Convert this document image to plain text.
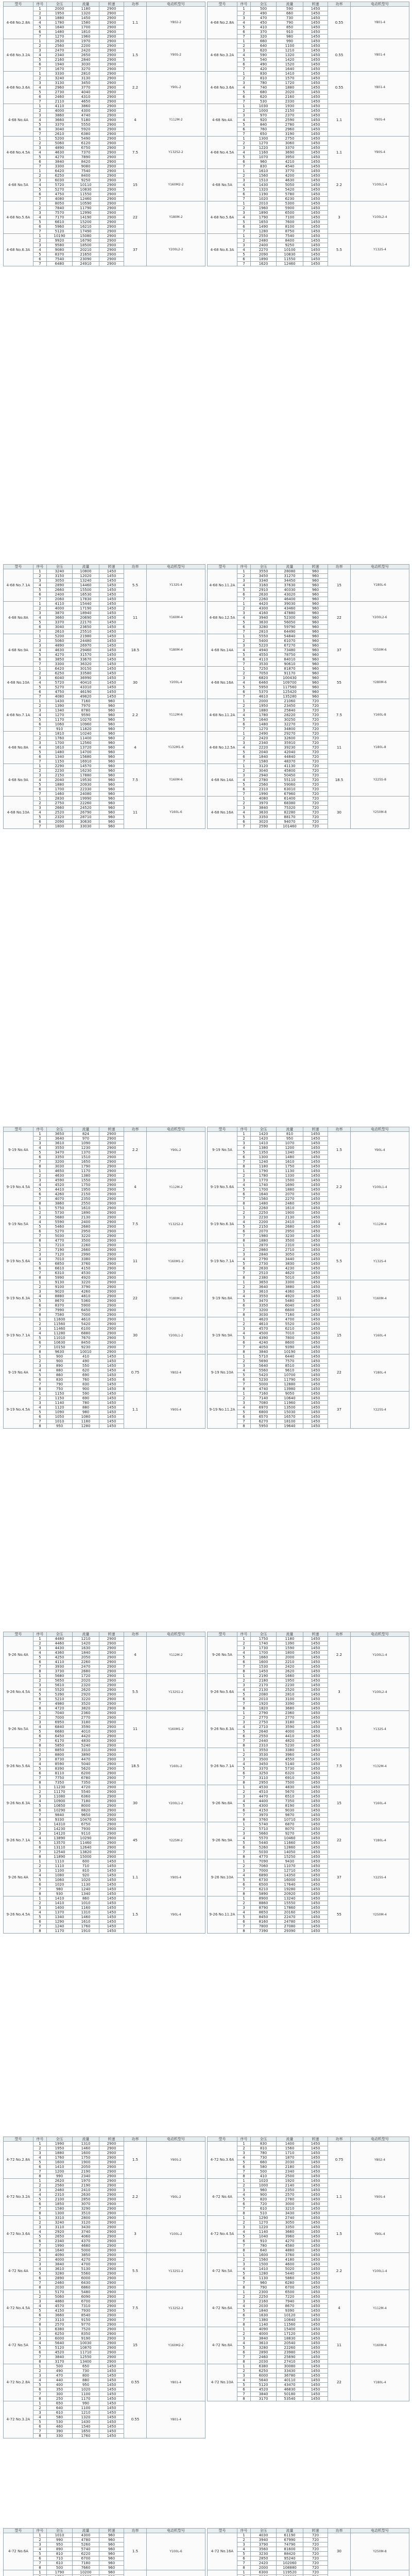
型号	序号	全压	流量	转速	功率	电动机型号
4-68 No.2.8A	1	2000	1180	2900	1.1	Y802-2
	2	1950	1320	2900		
	3	1880	1450	2900		
	4	1780	1580	2900		
	5	1640	1700	2900		
	6	1480	1810	2900		
	7	1270	1960	2900		
4-68 No.3.2A	1	2630	1970	2900	1.5	Y90S-2
	2	2560	2200	2900		
	3	2470	2420	2900		
	4	2340	2650	2900		
	5	2160	2840	2900		
	6	1940	3030	2900		
	7	1670	3270	2900		
4-68 No.3.6A	1	3330	2810	2900	2.2	Y90L-2
	2	3240	3130	2900		
	3	3130	3450	2900		
	4	2960	3770	2900		
	5	2730	4040	2900		
	6	2460	4310	2900		
	7	2110	4650	2900		
4-68 No.4A	1	4110	3860	2900	4	Y112M-2
	2	4000	4300	2900		
	3	3860	4740	2900		
	4	3660	5180	2900		
	5	3370	5550	2900		
	6	3040	5920	2900		
	7	2610	6380	2900		
4-68 No.4.5A	1	5200	5490	2900	7.5	Y132S2-2
	2	5060	6120	2900		
	3	4890	6750	2900		
	4	4630	7370	2900		
	5	4270	7890	2900		
	6	3840	8420	2900		
	7	3300	9080	2900		
4-68 No.5A	1	6420	7540	2900	15	Y160M2-2
	2	6250	8400	2900		
	3	6030	9250	2900		
	4	5720	10110	2900		
	5	5270	10830	2900		
	6	4750	11550	2900		
	7	4080	12460	2900		
4-68 No.5.6A	1	8050	10590	2900	22	Y180M-2
	2	7840	11790	2900		
	3	7570	12990	2900		
	4	7170	14190	2900		
	5	6610	15200	2900		
	6	5960	16210	2900		
	7	5120	17490	2900		
4-68 No.6.3A	1	10190	15080	2900	37	Y200L2-2
	2	9920	16790	2900		
	3	9580	18500	2900		
	4	9080	20210	2900		
	5	8370	21650	2900		
	6	7540	23090	2900		
	7	6480	24910	2900		
型号	序号	全压	流量	转速	功率	电动机型号
4-68 No.2.8A	1	500	590	1450	0.55	Y801-4
	2	490	660	1450		
	3	470	730	1450		
	4	450	790	1450		
	5	410	850	1450		
	6	370	910	1450		
	7	320	980	1450		
4-68 No.3.2A	1	660	990	1450	0.55	Y801-4
	2	640	1100	1450		
	3	620	1210	1450		
	4	590	1320	1450		
	5	540	1420	1450		
	6	490	1520	1450		
	7	420	1640	1450		
4-68 No.3.6A	1	830	1410	1450	0.55	Y801-4
	2	810	1570	1450		
	3	780	1720	1450		
	4	740	1880	1450		
	5	680	2020	1450		
	6	620	2160	1450		
	7	530	2330	1450		
4-68 No.4A	1	1030	1930	1450	1.1	Y90S-4
	2	1000	2150	1450		
	3	970	2370	1450		
	4	920	2590	1450		
	5	840	2780	1450		
	6	760	2960	1450		
	7	650	3190	1450		
4-68 No.4.5A	1	1300	2750	1450	1.1	Y90S-4
	2	1270	3060	1450		
	3	1220	3370	1450		
	4	1160	3690	1450		
	5	1070	3950	1450		
	6	960	4210	1450		
	7	830	4540	1450		
4-68 No.5A	1	1610	3770	1450	2.2	Y100L1-4
	2	1560	4200	1450		
	3	1510	4630	1450		
	4	1430	5050	1450		
	5	1320	5420	1450		
	6	1190	5780	1450		
	7	1020	6230	1450		
4-68 No.5.6A	1	2010	5300	1450	3	Y100L2-4
	2	1960	5900	1450		
	3	1890	6500	1450		
	4	1790	7100	1450		
	5	1650	7600	1450		
	6	1490	8100	1450		
	7	1280	8750	1450		
4-68 No.6.3A	1	2550	7540	1450	5.5	Y132S-4
	2	2480	8400	1450		
	3	2400	9250	1450		
	4	2270	10100	1450		
	5	2090	10830	1450		
	6	1890	11550	1450		
	7	1620	12460	1450		
型号	序号	全压	流量	转速	功率	电动机型号
4-68 No.7.1A	1	3240	10800	1450	5.5	Y132S-4
	2	3150	12020	1450		
	3	3050	13240	1450		
	4	2890	14460	1450		
	5	2660	15500	1450		
	6	2400	16530	1450		
	7	2060	17830	1450		
4-68 No.8A	1	4110	15440	1450	11	Y160M-4
	2	4000	17190	1450		
	3	3870	18940	1450		
	4	3660	20690	1450		
	5	3370	22170	1450		
	6	3040	23650	1450		
	7	2610	25510	1450		
4-68 No.9A	1	5200	21980	1450	18.5	Y180M-4
	2	5060	24480	1450		
	3	4890	26970	1450		
	4	4630	29460	1450		
	5	4270	31570	1450		
	6	3850	33670	1450		
	7	3300	36320	1450		
4-68 No.10A	1	6420	30150	1450	30	Y200L-4
	2	6250	33580	1450		
	3	6040	36990	1450		
	4	5720	40410	1450		
	5	5270	43310	1450		
	6	4750	46190	1450		
	7	4080	49820	1450		
4-68 No.7.1A	1	1430	7160	960	2.2	Y112M-6
	2	1390	7970	960		
	3	1340	8780	960		
	4	1270	9590	960		
	5	1170	10270	960		
	6	1060	10960	960		
	7	910	11820	960		
4-68 No.8A	1	1810	10240	960	4	Y132M1-6
	2	1760	11400	960		
	3	1700	12560	960		
	4	1610	13720	960		
	5	1480	14700	960		
	6	1340	15680	960		
	7	1150	16910	960		
4-68 No.9A	1	2290	14570	960	7.5	Y160M-6
	2	2230	16230	960		
	3	2150	17880	960		
	4	2040	19530	960		
	5	1880	20930	960		
	6	1700	22330	960		
	7	1460	24080	960		
4-68 No.10A	1	2830	19990	960	11	Y160L-6
	2	2750	22260	960		
	3	2660	24520	960		
	4	2520	26790	960		
	5	2320	28710	960		
	6	2090	30630	960		
	7	1800	33030	960		
型号	序号	全压	流量	转速	功率	电动机型号
4-68 No.11.2A	1	3550	28080	960	15	Y180L-6
	2	3450	31270	960		
	3	3340	34450	960		
	4	3160	37630	960		
	5	2910	40330	960		
	6	2630	43020	960		
	7	2260	46400	960		
4-68 No.12.5A	1	4420	39030	960	22	Y200L2-6
	2	4300	43460	960		
	3	4160	47880	960		
	4	3940	52300	960		
	5	3630	56050	960		
	6	3280	59790	960		
	7	2810	64490	960		
4-68 No.14A	1	5550	54840	960	37	Y250M-6
	2	5400	61070	960		
	3	5220	67270	960		
	4	4940	73480	960		
	5	4550	78750	960		
	6	4110	84010	960		
	7	3530	90610	960		
4-68 No.16A	1	7250	81870	960	55	Y280M-6
	2	7050	91170	960		
	3	6820	100430	960		
	4	6460	109700	960		
	5	5950	117560	960		
	6	5370	125420	960		
	7	4610	135280	960		
4-68 No.11.2A	1	2000	21060	720	7.5	Y160L-8
	2	1950	23450	720		
	3	1880	25840	720		
	4	1780	28220	720		
	5	1640	30250	720		
	6	1480	32270	720		
	7	1270	34800	720		
4-68 No.12.5A	1	2490	29270	720	11	Y180L-8
	2	2420	32600	720		
	3	2340	35910	720		
	4	2220	39230	720		
	5	2040	42040	720		
	6	1840	44840	720		
	7	1580	48370	720		
4-68 No.14A	1	3120	41130	720	18.5	Y225S-8
	2	3040	45800	720		
	3	2940	50450	720		
	4	2780	55110	720		
	5	2560	59060	720		
	6	2310	63010	720		
	7	1990	67960	720		
4-68 No.16A	1	4080	61400	720	30	Y250M-8
	2	3970	68380	720		
	3	3840	75320	720		
	4	3630	82280	720		
	5	3350	88170	720		
	6	3020	94070	720		
	7	2590	101460	720		
型号	序号	全压	流量	转速	功率	电动机型号
9-19 No.4A	1	3650	824	2900	2.2	Y90L-2
	2	3640	970	2900		
	3	3610	1090	2900		
	4	3550	1230	2900		
	5	3470	1370	2900		
	6	3350	1510	2900		
	7	3200	1650	2900		
	8	3030	1790	2900		
9-19 No.4.5A	1	4650	1170	2900	4	Y112M-2
	2	4630	1380	2900		
	3	4590	1550	2900		
	4	4520	1750	2900		
	5	4410	1950	2900		
	6	4260	2150	2900		
	7	4070	2350	2900		
	8	3860	2550	2900		
9-19 No.5A	1	5750	1610	2900	7.5	Y132S2-2
	2	5730	1890	2900		
	3	5680	2130	2900		
	4	5590	2400	2900		
	5	5460	2680	2900		
	6	5270	2950	2900		
	7	5030	3220	2900		
	8	4770	3500	2900		
9-19 No.5.6A	1	7210	2260	2900	11	Y160M1-2
	2	7190	2660	2900		
	3	7120	2990	2900		
	4	7010	3380	2900		
	5	6850	3760	2900		
	6	6610	4150	2900		
	7	6310	4530	2900		
	8	5990	4920	2900		
9-19 No.6.3A	1	9130	3220	2900	22	Y180M-2
	2	9100	3790	2900		
	3	9020	4260	2900		
	4	8880	4810	2900		
	5	8670	5360	2900		
	6	8370	5900	2900		
	7	7990	6450	2900		
	8	7580	7000	2900		
9-19 No.7.1A	1	11600	4610	2900	30	Y200L1-2
	2	11560	5420	2900		
	3	11460	6100	2900		
	4	11280	6880	2900		
	5	11010	7670	2900		
	6	10630	8450	2900		
	7	10150	9230	2900		
	8	9630	10010	2900		
9-19 No.4A	1	900	410	1450	0.75	Y802-4
	2	900	490	1450		
	3	890	550	1450		
	4	880	620	1450		
	5	860	690	1450		
	6	830	760	1450		
	7	790	830	1450		
	8	750	900	1450		
9-19 No.4.5A	1	1150	590	1450	1.1	Y90S-4
	2	1150	690	1450		
	3	1140	780	1450		
	4	1120	880	1450		
	5	1090	980	1450		
	6	1050	1080	1450		
	7	1010	1180	1450		
	8	950	1280	1450		
型号	序号	全压	流量	转速	功率	电动机型号
9-19 No.5A	1	1420	810	1450	1.5	Y90L-4
	2	1420	950	1450		
	3	1410	1070	1450		
	4	1380	1200	1450		
	5	1350	1340	1450		
	6	1300	1480	1450		
	7	1240	1610	1450		
	8	1180	1750	1450		
9-19 No.5.6A	1	1790	1130	1450	2.2	Y100L1-4
	2	1780	1330	1450		
	3	1770	1500	1450		
	4	1740	1690	1450		
	5	1700	1880	1450		
	6	1640	2070	1450		
	7	1560	2270	1450		
	8	1480	2460	1450		
9-19 No.6.3A	1	2260	1610	1450	4	Y112M-4
	2	2250	1900	1450		
	3	2230	2130	1450		
	4	2200	2410	1450		
	5	2150	2680	1450		
	6	2070	2950	1450		
	7	1980	3230	1450		
	8	1880	3500	1450		
9-19 No.7.1A	1	2870	2310	1450	5.5	Y132S-4
	2	2860	2710	1450		
	3	2840	3050	1450		
	4	2790	3440	1450		
	5	2730	3830	1450		
	6	2630	4230	1450		
	7	2510	4620	1450		
	8	2380	5010	1450		
9-19 No.8A	1	3650	3300	1450	11	Y160M-4
	2	3640	3880	1450		
	3	3610	4360	1450		
	4	3550	4920	1450		
	5	3470	5480	1450		
	6	3350	6040	1450		
	7	3200	6600	1450		
	8	3030	7160	1450		
9-19 No.9A	1	4620	4700	1450	15	Y160L-4
	2	4610	5520	1450		
	3	4570	6210	1450		
	4	4500	7010	1450		
	5	4390	7800	1450		
	6	4240	8600	1450		
	7	4050	9390	1450		
	8	3840	10190	1450		
9-19 No.10A	1	5710	6440	1450	22	Y180L-4
	2	5690	7570	1450		
	3	5640	8510	1450		
	4	5560	9610	1450		
	5	5420	10700	1450		
	6	5230	11790	1450		
	7	5000	12880	1450		
	8	4740	13980	1450		
9-19 No.11.2A	1	7160	9050	1450	37	Y225S-4
	2	7140	10640	1450		
	3	7080	11960	1450		
	4	6970	13500	1450		
	5	6800	15030	1450		
	6	6570	16570	1450		
	7	6270	18100	1450		
	8	5950	19640	1450		
型号	序号	全压	流量	转速	功率	电动机型号
9-26 No.4A	1	4480	1210	2900	4	Y112M-2
	2	4460	1420	2900		
	3	4430	1630	2900		
	4	4360	1840	2900		
	5	4250	2050	2900		
	6	4110	2260	2900		
	7	3930	2470	2900		
	8	3730	2680	2900		
9-26 No.4.5A	1	5680	1720	2900	5.5	Y132S1-2
	2	5650	2020	2900		
	3	5610	2320	2900		
	4	5520	2620	2900		
	5	5390	2920	2900		
	6	5210	3220	2900		
	7	4980	3520	2900		
	8	4720	3820	2900		
9-26 No.5A	1	7040	2360	2900	11	Y160M1-2
	2	7000	2770	2900		
	3	6950	3180	2900		
	4	6840	3590	2900		
	5	6680	4010	2900		
	6	6450	4420	2900		
	7	6170	4830	2900		
	8	5850	5240	2900		
9-26 No.5.6A	1	8850	3310	2900	18.5	Y160L-2
	2	8800	3890	2900		
	3	8730	4470	2900		
	4	8590	5040	2900		
	5	8390	5620	2900		
	6	8110	6200	2900		
	7	7750	6780	2900		
	8	7350	7350	2900		
9-26 No.6.3A	1	11230	4720	2900	30	Y200L1-2
	2	11170	5540	2900		
	3	11080	6360	2900		
	4	10900	7180	2900		
	5	10650	8000	2900		
	6	10290	8820	2900		
	7	9840	9650	2900		
	8	9330	10470	2900		
9-26 No.7.1A	1	14310	6750	2900	45	Y225M-2
	2	14230	7930	2900		
	3	14120	9110	2900		
	4	13890	10290	2900		
	5	13570	11460	2900		
	6	13110	12640	2900		
	7	12540	13820	2900		
	8	11890	15000	2900		
9-26 No.4A	1	1110	600	1450	1.1	Y90S-4
	2	1110	710	1450		
	3	1100	810	1450		
	4	1080	920	1450		
	5	1060	1020	1450		
	6	1020	1130	1450		
	7	980	1240	1450		
	8	930	1340	1450		
9-26 No.4.5A	1	1410	860	1450	1.5	Y90L-4
	2	1410	1010	1450		
	3	1400	1160	1450		
	4	1370	1310	1450		
	5	1340	1460	1450		
	6	1290	1610	1450		
	7	1240	1760	1450		
	8	1170	1910	1450		
型号	序号	全压	流量	转速	功率	电动机型号
9-26 No.5A	1	1750	1180	1450	2.2	Y100L1-4
	2	1740	1390	1450		
	3	1730	1590	1450		
	4	1700	1800	1450		
	5	1660	2000	1450		
	6	1600	2210	1450		
	7	1530	2420	1450		
	8	1450	2620	1450		
9-26 No.5.6A	1	2190	1660	1450	3	Y100L2-4
	2	2180	1950	1450		
	3	2170	2230	1450		
	4	2130	2520	1450		
	5	2080	2810	1450		
	6	2010	3100	1450		
	7	1920	3390	1450		
	8	1820	3680	1450		
9-26 No.6.3A	1	2790	2360	1450	5.5	Y132S-4
	2	2770	2770	1450		
	3	2750	3180	1450		
	4	2710	3590	1450		
	5	2640	4000	1450		
	6	2550	4410	1450		
	7	2440	4820	1450		
	8	2310	5230	1450		
9-26 No.7.1A	1	3550	3380	1450	7.5	Y132M-4
	2	3530	3960	1450		
	3	3500	4550	1450		
	4	3450	5140	1450		
	5	3370	5730	1450		
	6	3250	6320	1450		
	7	3110	6910	1450		
	8	2950	7500	1450		
9-26 No.8A	1	4530	4830	1450	15	Y160L-4
	2	4510	5670	1450		
	3	4470	6510	1450		
	4	4400	7350	1450		
	5	4300	8190	1450		
	6	4150	9030	1450		
	7	3970	9870	1450		
	8	3760	10710	1450		
9-26 No.9A	1	5740	6870	1450	22	Y180L-4
	2	5710	8070	1450		
	3	5660	9270	1450		
	4	5570	10460	1450		
	5	5440	11660	1450		
	6	5260	12860	1450		
	7	5030	14050	1450		
	8	4770	15250	1450		
9-26 No.10A	1	7090	9430	1450	37	Y225S-4
	2	7060	11070	1450		
	3	7000	12710	1450		
	4	6890	14350	1450		
	5	6730	16000	1450		
	6	6500	17640	1450		
	7	6210	19280	1450		
	8	5890	20920	1450		
9-26 No.11.2A	1	8900	13240	1450	55	Y250M-4
	2	8860	15550	1450		
	3	8790	17860	1450		
	4	8650	20160	1450		
	5	8450	22470	1450		
	6	8160	24780	1450		
	7	7800	27080	1450		
	8	7390	29390	1450		
型号	序号	全压	流量	转速	功率	电动机型号
4-72 No.2.8A	1	1990	1310	2900	1.5	Y90S-2
	2	1950	1460	2900		
	3	1880	1600	2900		
	4	1760	1750	2900		
	5	1600	1900	2900		
	6	1410	2050	2900		
	7	1200	2190	2900		
	8	990	2340	2900		
4-72 No.3.2A	1	2620	1970	2900	2.2	Y90L-2
	2	2560	2190	2900		
	3	2460	2410	2900		
	4	2310	2630	2900		
	5	2100	2850	2900		
	6	1850	3070	2900		
	7	1580	3290	2900		
	8	1300	3510	2900		
4-72 No.3.6A	1	3310	2800	2900	3	Y100L-2
	2	3240	3120	2900		
	3	3110	3430	2900		
	4	2920	3740	2900		
	5	2650	4060	2900		
	6	2340	4370	2900		
	7	1990	4680	2900		
	8	1640	5000	2900		
4-72 No.4A	1	4090	3850	2900	5.5	Y132S1-2
	2	4000	4270	2900		
	3	3840	4700	2900		
	4	3610	5130	2900		
	5	3280	5560	2900		
	6	2890	6000	2900		
	7	2460	6430	2900		
	8	2030	6860	2900		
4-72 No.4.5A	1	5170	5480	2900	7.5	Y132S2-2
	2	5060	6090	2900		
	3	4860	6700	2900		
	4	4570	7310	2900		
	5	4150	7930	2900		
	6	3660	8540	2900		
	7	3110	9150	2900		
	8	2570	9770	2900		
4-72 No.5A	1	6380	7520	2900	15	Y160M2-2
	2	6250	8350	2900		
	3	6000	9190	2900		
	4	5640	10030	2900		
	5	5120	10870	2900		
	6	4520	11710	2900		
	7	3840	12550	2900		
	8	3170	13400	2900		
4-72 No.2.8A	1	500	650	1450	0.55	Y801-4
	2	490	730	1450		
	3	470	800	1450		
	4	440	880	1450		
	5	400	950	1450		
	6	350	1020	1450		
	7	300	1100	1450		
	8	250	1170	1450		
4-72 No.3.2A	1	650	990	1450	0.55	Y801-4
	2	640	1100	1450		
	3	610	1210	1450		
	4	580	1320	1450		
	5	530	1430	1450		
	6	460	1540	1450		
	7	390	1650	1450		
	8	330	1760	1450		
型号	序号	全压	流量	转速	功率	电动机型号
4-72 No.3.6A	1	830	1400	1450	0.75	Y802-4
	2	810	1560	1450		
	3	780	1710	1450		
	4	730	1870	1450		
	5	660	2030	1450		
	6	580	2180	1450		
	7	500	2340	1450		
	8	410	2500	1450		
4-72 No.4A	1	1020	1920	1450	1.1	Y90S-4
	2	1000	2140	1450		
	3	960	2350	1450		
	4	900	2570	1450		
	5	820	2780	1450		
	6	720	3000	1450		
	7	610	3210	1450		
	8	510	3430	1450		
4-72 No.4.5A	1	1290	2740	1450	1.5	Y90L-4
	2	1270	3050	1450		
	3	1220	3350	1450		
	4	1140	3660	1450		
	5	1040	3960	1450		
	6	910	4270	1450		
	7	780	4580	1450		
	8	640	4880	1450		
4-72 No.5A	1	1600	3760	1450	2.2	Y100L1-4
	2	1560	4180	1450		
	3	1500	4600	1450		
	4	1410	5020	1450		
	5	1280	5440	1450		
	6	1130	5860	1450		
	7	960	6280	1450		
	8	790	6700	1450		
4-72 No.6A	1	2300	6500	1450	4	Y112M-4
	2	2250	7220	1450		
	3	2160	7940	1450		
	4	2030	8670	1450		
	5	1840	9390	1450		
	6	1630	10120	1450		
	7	1380	10840	1450		
	8	1140	11560	1450		
4-72 No.8A	1	4090	15400	1450	11	Y160M-4
	2	4000	17120	1450		
	3	3840	18830	1450		
	4	3610	20540	1450		
	5	3280	22260	1450		
	6	2890	23980	1450		
	7	2460	25690	1450		
	8	2030	27410	1450		
4-72 No.10A	1	6380	30080	1450	22	Y180L-4
	2	6250	33430	1450		
	3	6000	36780	1450		
	4	5640	40110	1450		
	5	5120	43470	1450		
	6	4520	46830	1450		
	7	3840	50180	1450		
	8	3170	53540	1450		
型号	序号	全压	流量	转速	功率	电动机型号
4-72 No.6A	1	1010	4300	960	1.5	Y100L-6
	2	990	4780	960		
	3	950	5260	960		
	4	890	5740	960		
	5	810	6220	960		
	6	710	6700	960		
	7	610	7180	960		
	8	500	7660	960		
	1	1790	10200	960		

型号	序号	全压	流量	转速	功率	电动机型号
4-72 No.16A	1	4030	61190	720	30	Y250M-8
	2	3940	67990	720		
	3	3790	74790	720		
	4	3560	81600	720		
	5	3230	88420	720		
	6	2850	95240	720		
	7	2420	102060	720		
	8	2000	108880	720		
	1	6300	119520	720		
